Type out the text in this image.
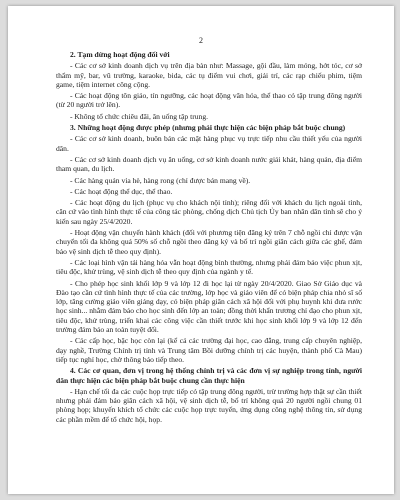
2

2. Tạm dừng hoạt động đối với

- Các cơ sở kinh doanh dịch vụ trên địa bàn như: Massage, gội đầu, làm móng, hớt tóc, cơ sở thẩm mỹ, bar, vũ trường, karaoke, bida, các tụ điểm vui chơi, giải trí, các rạp chiếu phim, tiệm game, tiệm internet công cộng.

- Các hoạt động tôn giáo, tín ngưỡng, các hoạt động văn hóa, thể thao có tập trung đông người (từ 20 người trở lên).

- Không tổ chức chiêu đãi, ăn uống tập trung.

3. Những hoạt động được phép (nhưng phải thực hiện các biện pháp bắt buộc chung)

- Các cơ sở kinh doanh, buôn bán các mặt hàng phục vụ trực tiếp nhu cầu thiết yếu của người dân.

- Các cơ sở kinh doanh dịch vụ ăn uống, cơ sở kinh doanh nước giải khát, hàng quán, địa điểm tham quan, du lịch.

- Các hàng quán vỉa hè, hàng rong (chỉ được bán mang về).

- Các hoạt động thể dục, thể thao.

- Các hoạt động du lịch (phục vụ cho khách nội tỉnh); riêng đối với khách du lịch ngoài tỉnh, căn cứ vào tình hình thực tế của công tác phòng, chống dịch Chủ tịch Ủy ban nhân dân tỉnh sẽ cho ý kiến sau ngày 25/4/2020.

- Hoạt động vận chuyển hành khách (đối với phương tiện đăng ký trên 7 chỗ ngồi chỉ được vận chuyển tối đa không quá 50% số chỗ ngồi theo đăng ký và bố trí ngồi giãn cách giữa các ghế, đảm bảo vệ sinh dịch tễ theo quy định).

- Các loại hình vận tải hàng hóa vẫn hoạt động bình thường, nhưng phải đảm bảo việc phun xịt, tiêu độc, khử trùng, vệ sinh dịch tễ theo quy định của ngành y tế.

- Cho phép học sinh khối lớp 9 và lớp 12 đi học lại từ ngày 20/4/2020. Giao Sở Giáo dục và Đào tạo cần cứ tình hình thực tế của các trường, lớp học và giáo viên để có biện pháp chia nhỏ sĩ số lớp, tăng cường giáo viên giảng dạy, có biện pháp giãn cách xã hội đối với phụ huynh khi đưa rước học sinh... nhằm đảm bảo cho học sinh đến lớp an toàn; đồng thời khẩn trương chỉ đạo cho phun xịt, tiêu độc, khử trùng, triển khai các công việc cần thiết trước khi học sinh khối lớp 9 và lớp 12 đến trường đảm bảo an toàn tuyệt đối.

- Các cấp học, bậc học còn lại (kể cả các trường đại học, cao đẳng, trung cấp chuyên nghiệp, dạy nghề, Trường Chính trị tỉnh và Trung tâm Bồi dưỡng chính trị các huyện, thành phố Cà Mau) tiếp tục nghỉ học, chờ thông báo tiếp theo.

4. Các cơ quan, đơn vị trong hệ thống chính trị và các đơn vị sự nghiệp trong tỉnh, người dân thực hiện các biện pháp bắt buộc chung cần thực hiện

- Hạn chế tối đa các cuộc họp trực tiếp có tập trung đông người, trừ trường hợp thật sự cần thiết nhưng phải đảm bảo giãn cách xã hội, vệ sinh dịch tễ, bố trí không quá 20 người ngồi chung 01 phòng họp; khuyến khích tổ chức các cuộc họp trực tuyến, ứng dụng công nghệ thông tin, sử dụng các phần mềm để tổ chức hội, họp.
